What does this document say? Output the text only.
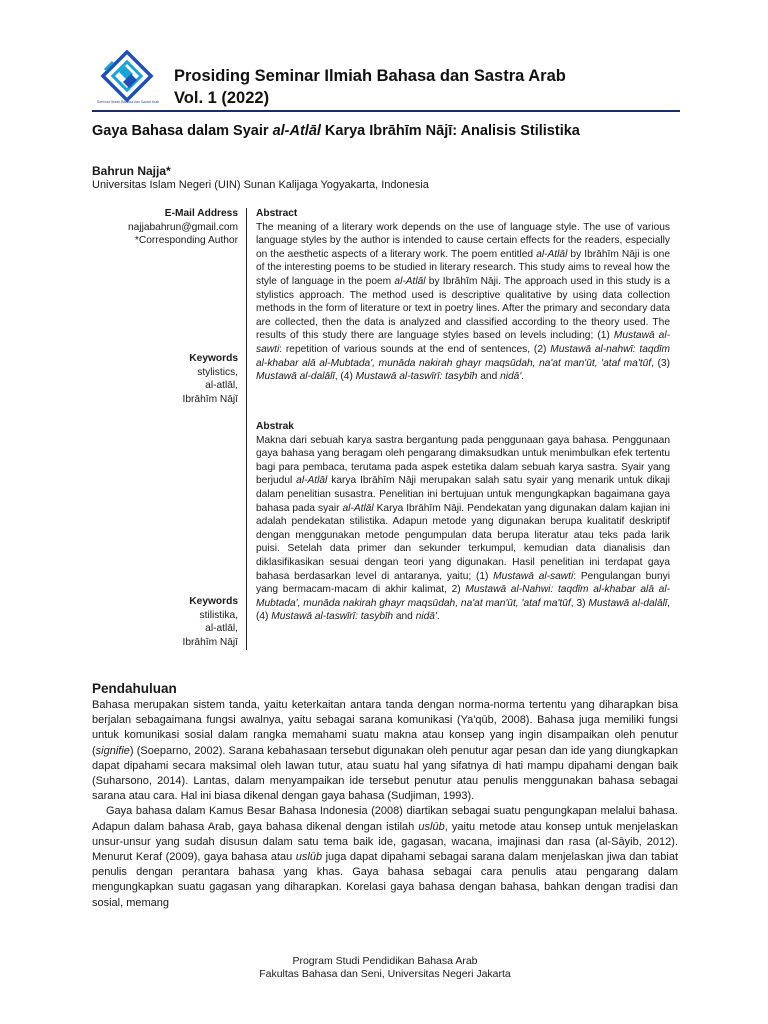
Seminar Ilmiah Bahasa dan Sastra Arab
Prosiding Seminar Ilmiah Bahasa dan Sastra Arab
Vol. 1 (2022)
Gaya Bahasa dalam Syair al-Atlāl Karya Ibrāhīm Nājī: Analisis Stilistika
Bahrun Najja*
Universitas Islam Negeri (UIN) Sunan Kalijaga Yogyakarta, Indonesia
E-Mail Address
najjabahrun@gmail.com
*Corresponding Author
Keywords
stylistics,
al-atlāl,
Ibrāhīm Nājī
Keywords
stilistika,
al-atlāl,
Ibrāhīm Nājī
Abstract
The meaning of a literary work depends on the use of language style. The use of various language styles by the author is intended to cause certain effects for the readers, especially on the aesthetic aspects of a literary work. The poem entitled al-Atlāl by Ibrāhīm Nāji is one of the interesting poems to be studied in literary research. This study aims to reveal how the style of language in the poem al-Atlāl by Ibrāhīm Nāji. The approach used in this study is a stylistics approach. The method used is descriptive qualitative by using data collection methods in the form of literature or text in poetry lines. After the primary and secondary data are collected, then the data is analyzed and classified according to the theory used. The results of this study there are language styles based on levels including; (1) Mustawā al-sawti: repetition of various sounds at the end of sentences, (2) Mustawā al-nahwī: taqdīm al-khabar alā al-Mubtada', munāda nakirah ghayr maqsūdah, na'at man'ūt, 'ataf ma'tūf, (3) Mustawā al-dalālī, (4) Mustawā al-taswīrī: tasybīh and nidā'.
Abstrak
Makna dari sebuah karya sastra bergantung pada penggunaan gaya bahasa. Penggunaan gaya bahasa yang beragam oleh pengarang dimaksudkan untuk menimbulkan efek tertentu bagi para pembaca, terutama pada aspek estetika dalam sebuah karya sastra. Syair yang berjudul al-Atlāl karya Ibrāhīm Nāji merupakan salah satu syair yang menarik untuk dikaji dalam penelitian susastra. Penelitian ini bertujuan untuk mengungkapkan bagaimana gaya bahasa pada syair al-Atlāl Karya Ibrāhīm Nāji. Pendekatan yang digunakan dalam kajian ini adalah pendekatan stilistika. Adapun metode yang digunakan berupa kualitatif deskriptif dengan menggunakan metode pengumpulan data berupa literatur atau teks pada larik puisi. Setelah data primer dan sekunder terkumpul, kemudian data dianalisis dan diklasifikasikan sesuai dengan teori yang digunakan. Hasil penelitian ini terdapat gaya bahasa berdasarkan level di antaranya, yaitu; (1) Mustawā al-sawti: Pengulangan bunyi yang bermacam-macam di akhir kalimat, 2) Mustawā al-Nahwi: taqdīm al-khabar alā al-Mubtada', munāda nakirah ghayr maqsūdah, na'at man'ūt, 'ataf ma'tūf, 3) Mustawā al-dalālī, (4) Mustawā al-taswīrī: tasybīh and nidā'.
Pendahuluan

Bahasa merupakan sistem tanda, yaitu keterkaitan antara tanda dengan norma-norma tertentu yang diharapkan bisa berjalan sebagaimana fungsi awalnya, yaitu sebagai sarana komunikasi (Ya'qūb, 2008). Bahasa juga memiliki fungsi untuk komunikasi sosial dalam rangka memahami suatu makna atau konsep yang ingin disampaikan oleh penutur (signifie) (Soeparno, 2002). Sarana kebahasaan tersebut digunakan oleh penutur agar pesan dan ide yang diungkapkan dapat dipahami secara maksimal oleh lawan tutur, atau suatu hal yang sifatnya di hati mampu dipahami dengan baik (Suharsono, 2014). Lantas, dalam menyampaikan ide tersebut penutur atau penulis menggunakan bahasa sebagai sarana atau cara. Hal ini biasa dikenal dengan gaya bahasa (Sudjiman, 1993).

Gaya bahasa dalam Kamus Besar Bahasa Indonesia (2008) diartikan sebagai suatu pengungkapan melalui bahasa. Adapun dalam bahasa Arab, gaya bahasa dikenal dengan istilah uslūb, yaitu metode atau konsep untuk menjelaskan unsur-unsur yang sudah disusun dalam satu tema baik ide, gagasan, wacana, imajinasi dan rasa (al-Sāyib, 2012). Menurut Keraf (2009), gaya bahasa atau uslūb juga dapat dipahami sebagai sarana dalam menjelaskan jiwa dan tabiat penulis dengan perantara bahasa yang khas. Gaya bahasa sebagai cara penulis atau pengarang dalam mengungkapkan suatu gagasan yang diharapkan. Korelasi gaya bahasa dengan bahasa, bahkan dengan tradisi dan sosial, memang

Program Studi Pendidikan Bahasa Arab
Fakultas Bahasa dan Seni, Universitas Negeri Jakarta
